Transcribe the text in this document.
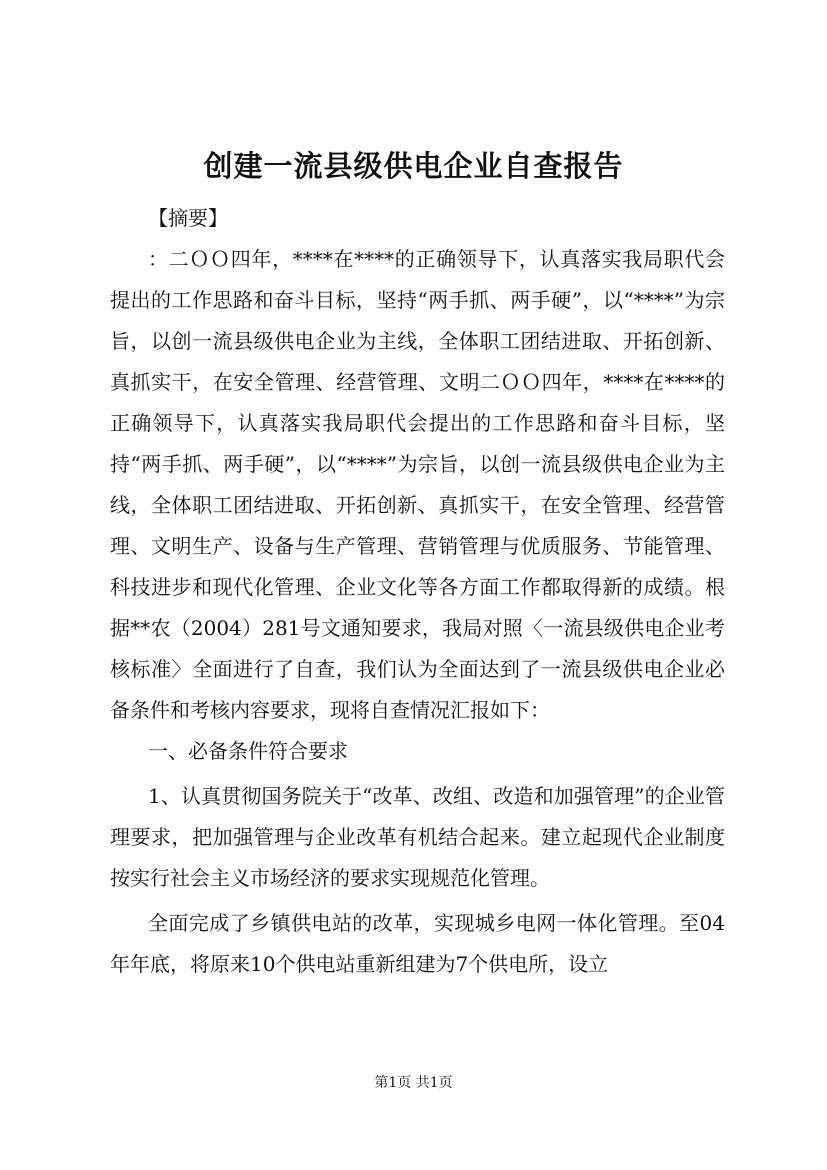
创建一流县级供电企业自查报告

【摘要】

：二ＯＯ四年，****在****的正确领导下，认真落实我局职代会提出的工作思路和奋斗目标，坚持“两手抓、两手硬”，以“****”为宗旨，以创一流县级供电企业为主线，全体职工团结进取、开拓创新、真抓实干，在安全管理、经营管理、文明二ＯＯ四年，****在****的正确领导下，认真落实我局职代会提出的工作思路和奋斗目标，坚持“两手抓、两手硬”，以“****”为宗旨，以创一流县级供电企业为主线，全体职工团结进取、开拓创新、真抓实干，在安全管理、经营管理、文明生产、设备与生产管理、营销管理与优质服务、节能管理、科技进步和现代化管理、企业文化等各方面工作都取得新的成绩。根据**农（2004）281号文通知要求，我局对照〈一流县级供电企业考核标准〉全面进行了自查，我们认为全面达到了一流县级供电企业必备条件和考核内容要求，现将自查情况汇报如下：

一、必备条件符合要求

1、认真贯彻国务院关于“改革、改组、改造和加强管理”的企业管理要求，把加强管理与企业改革有机结合起来。建立起现代企业制度按实行社会主义市场经济的要求实现规范化管理。

全面完成了乡镇供电站的改革，实现城乡电网一体化管理。至04年年底，将原来10个供电站重新组建为7个供电所，设立

第1页 共1页
